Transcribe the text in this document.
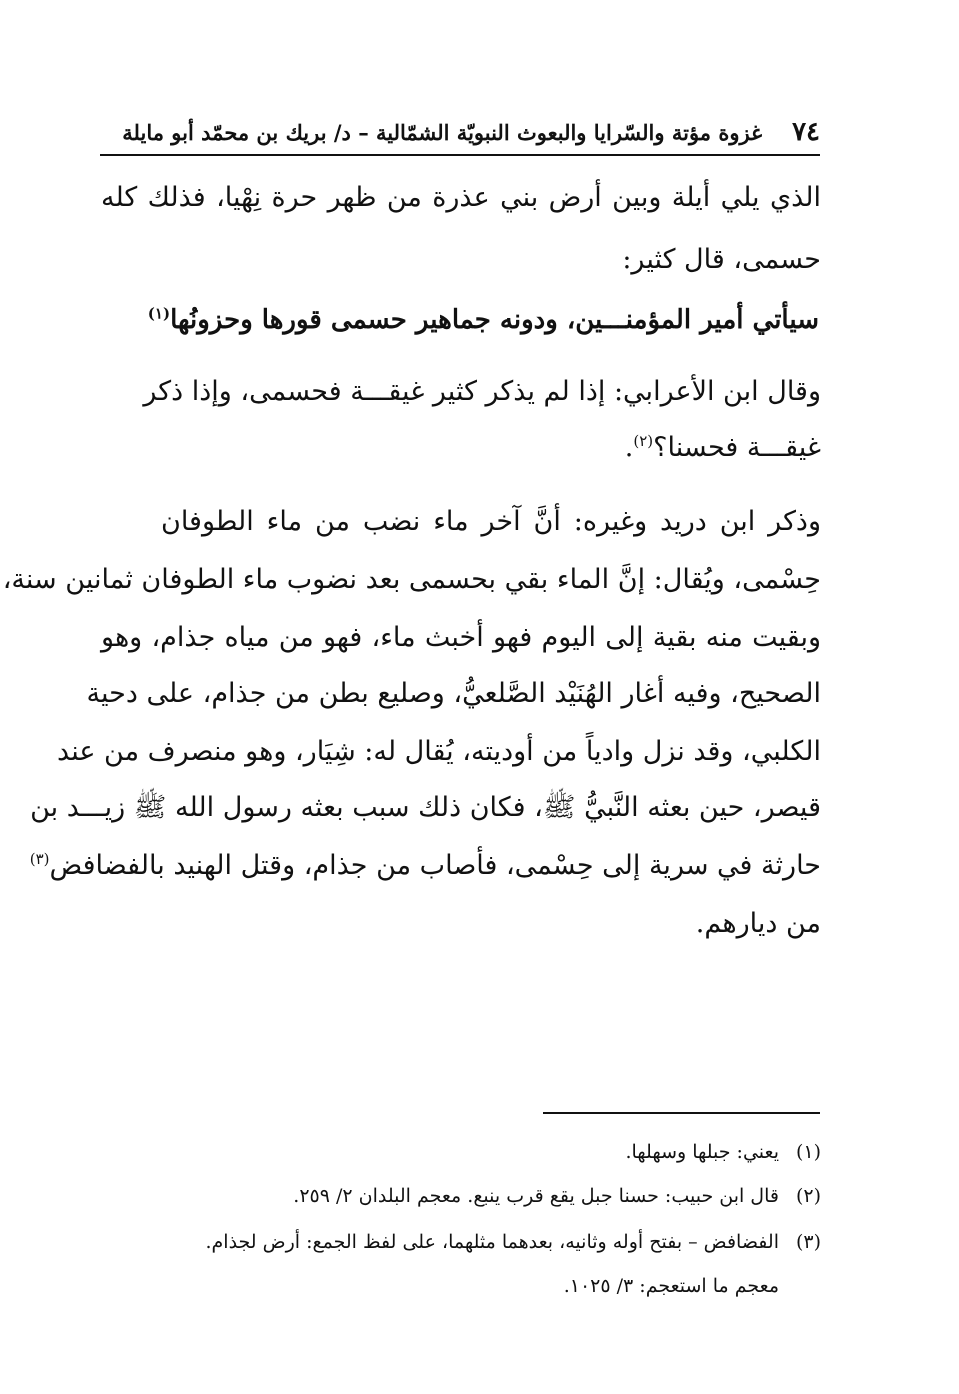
٧٤
غزوة مؤتة والسّرايا والبعوث النبويّة الشمّالية – د/ بريك بن محمّد أبو مايلة
الذي يلي أيلة وبين أرض بني عذرة من ظهر حرة نِهْيا، فذلك كله
حسمى، قال كثير:
سيأتي أمير المؤمنـــين، ودونه جماهير حسمى قورها وحزونُها$^{(١)}$
وقال ابن الأعرابي: إذا لم يذكر كثير غيقـــة فحسمى، وإذا ذكر
غيقـــة فحسنا؟$^{(٢)}$.
وذكر ابن دريد وغيره: أنَّ آخر ماء نضب من ماء الطوفان
حِسْمى، ويُقال: إنَّ الماء بقي بحسمى بعد نضوب ماء الطوفان ثمانين سنة،
وبقيت منه بقية إلى اليوم فهو أخبث ماء، فهو من مياه جذام، وهو
الصحيح، وفيه أغار الهُنَيْد الصَّلعيُّ، وصليع بطن من جذام، على دحية
الكلبي، وقد نزل وادياً من أوديته، يُقال له: شِيَار، وهو منصرف من عند
قيصر، حين بعثه النَّبيُّ ﷺ، فكان ذلك سبب بعثه رسول الله ﷺ زيـــد بن
حارثة في سرية إلى حِسْمى، فأصاب من جذام، وقتل الهنيد بالفضافض$^{(٣)}$
من ديارهم.
(١)يعني: جبلها وسهلها.
(٢)قال ابن حبيب: حسنا جبل يقع قرب ينبع. معجم البلدان ٢/ ٢٥٩.
(٣)الفضافض – بفتح أوله وثانيه، بعدهما مثلهما، على لفظ الجمع: أرض لجذام.
معجم ما استعجم: ٣/ ١٠٢٥.
